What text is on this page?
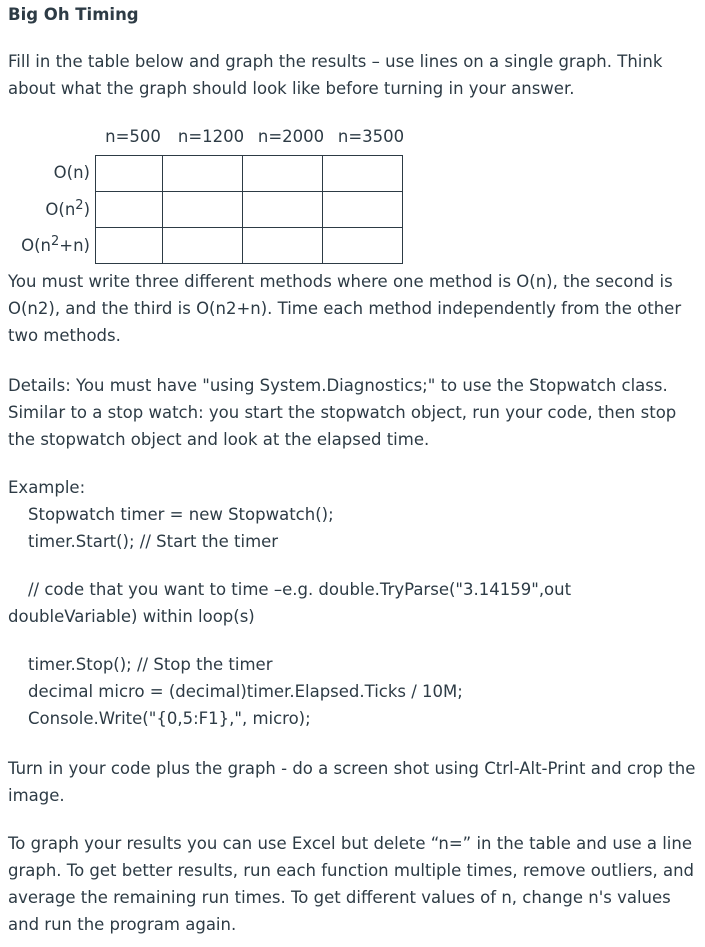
Big Oh Timing

Fill in the table below and graph the results – use lines on a single graph. Think about what the graph should look like before turning in your answer.

n=500	n=1200 n=2000 n=3500
O(n)
$O(n^2)$
$O(n^2+n)$

You must write three different methods where one method is O(n), the second is O(n2), and the third is O(n2+n). Time each method independently from the other two methods.

Details: You must have "using System.Diagnostics;" to use the Stopwatch class. Similar to a stop watch: you start the stopwatch object, run your code, then stop the stopwatch object and look at the elapsed time.

Example:
Stopwatch timer = new Stopwatch();
timer.Start(); // Start the timer
// code that you want to time –e.g. double.TryParse("3.14159",out
doubleVariable) within loop(s)
timer.Stop(); // Stop the timer
decimal micro = (decimal)timer.Elapsed.Ticks / 10M;
Console.Write("{0,5:F1},", micro);

Turn in your code plus the graph - do a screen shot using Ctrl-Alt-Print and crop the image.

To graph your results you can use Excel but delete “n=” in the table and use a line graph. To get better results, run each function multiple times, remove outliers, and average the remaining run times. To get different values of n, change n's values and run the program again.
